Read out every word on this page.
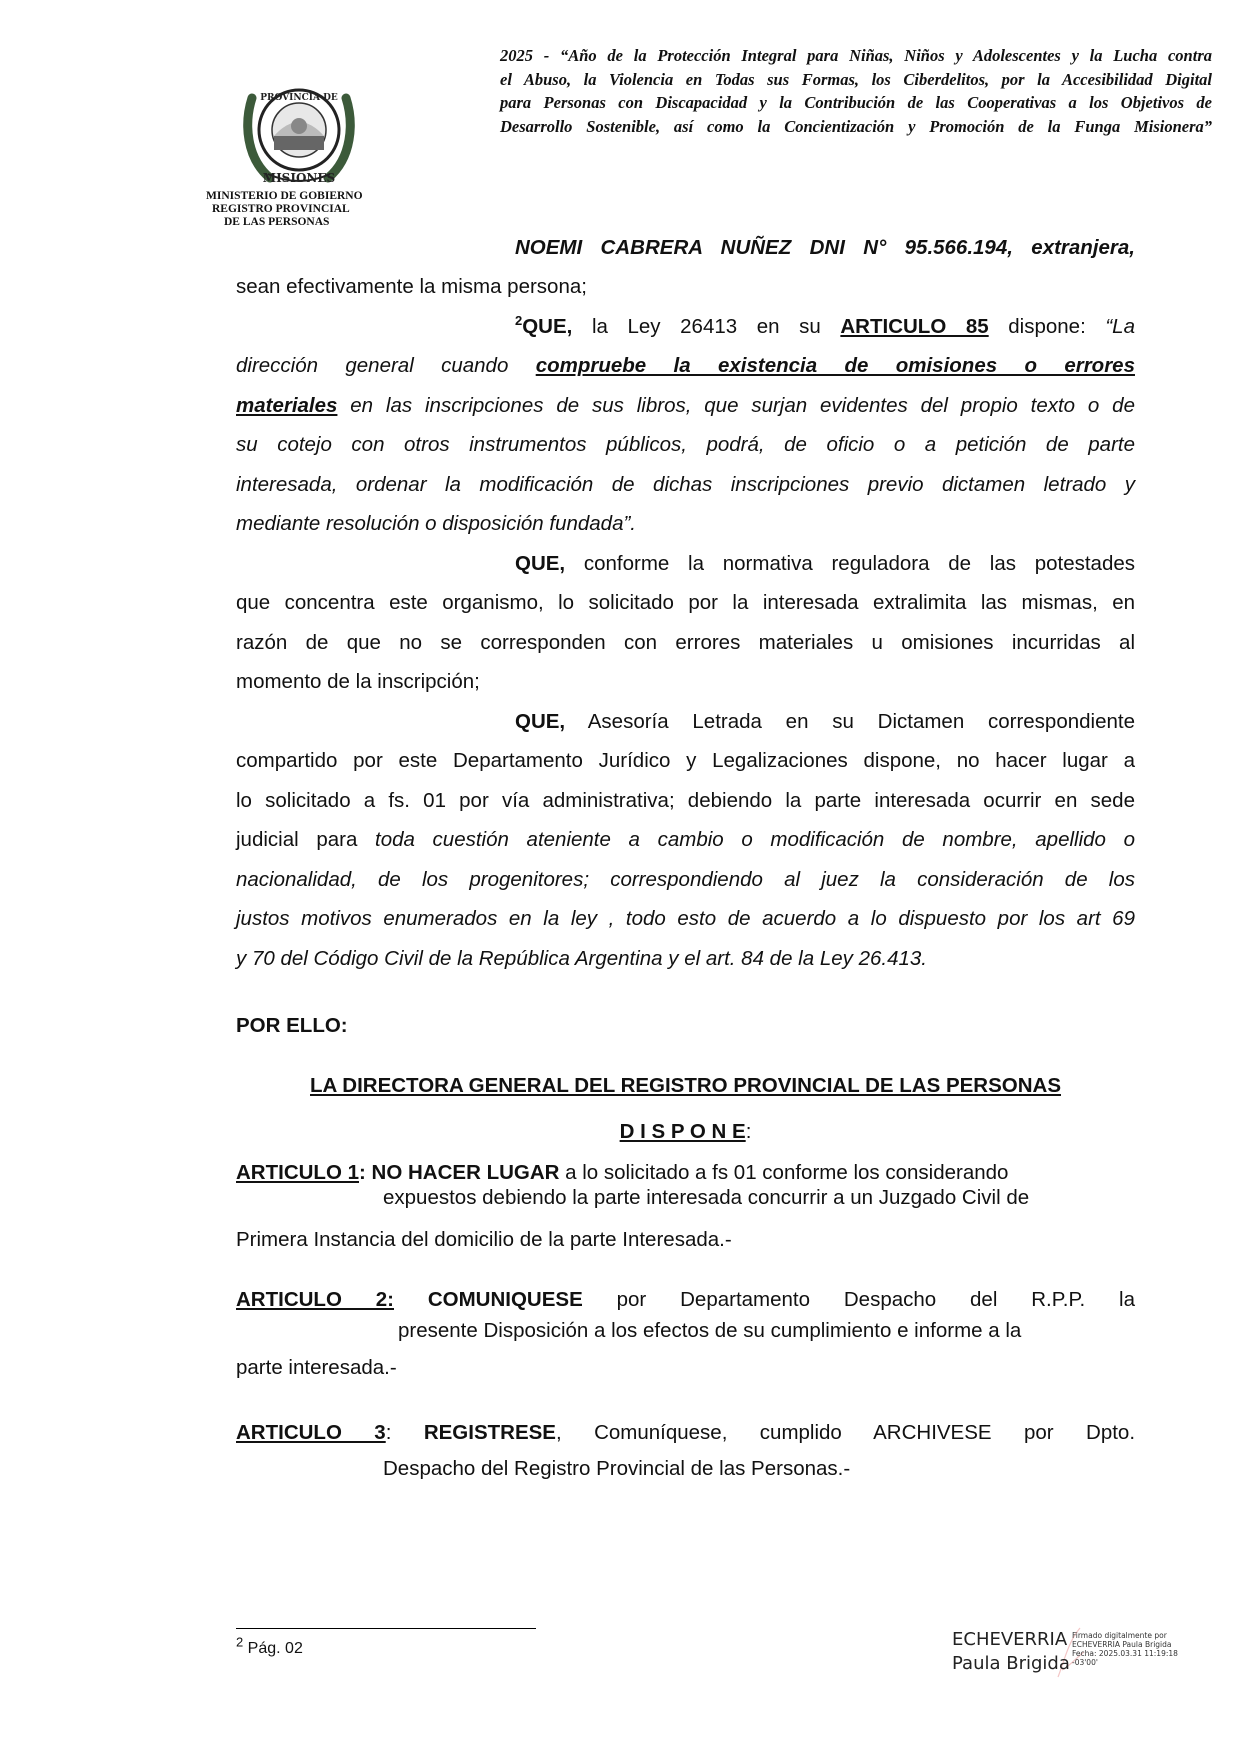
PROVINCIA DE
MISIONES
MINISTERIO DE GOBIERNO
REGISTRO PROVINCIAL
DE LAS PERSONAS
2025 - “Año de la Protección Integral para Niñas, Niños y Adolescentes y la Lucha contra
el Abuso, la Violencia en Todas sus Formas, los Ciberdelitos, por la Accesibilidad Digital
para Personas con Discapacidad y la Contribución de las Cooperativas a los Objetivos de
Desarrollo Sostenible, así como la Concientización y Promoción de la Funga Misionera”
NOEMI CABRERA NUÑEZ DNI N° 95.566.194, extranjera,
sean efectivamente la misma persona;
$^2$QUE, la Ley 26413 en su ARTICULO 85 dispone: “La
dirección general cuando compruebe la existencia de omisiones o errores
materiales en las inscripciones de sus libros, que surjan evidentes del propio texto o de
su cotejo con otros instrumentos públicos, podrá, de oficio o a petición de parte
interesada, ordenar la modificación de dichas inscripciones previo dictamen letrado y
mediante resolución o disposición fundada”.
QUE, conforme la normativa reguladora de las potestades
que concentra este organismo, lo solicitado por la interesada extralimita las mismas, en
razón de que no se corresponden con errores materiales u omisiones incurridas al
momento de la inscripción;
QUE, Asesoría Letrada en su Dictamen correspondiente
compartido por este Departamento Jurídico y Legalizaciones dispone, no hacer lugar a
lo solicitado a fs. 01 por vía administrativa; debiendo la parte interesada ocurrir en sede
judicial para toda cuestión ateniente a cambio o modificación de nombre, apellido o
nacionalidad, de los progenitores; correspondiendo al juez la consideración de los
justos motivos enumerados en la ley , todo esto de acuerdo a lo dispuesto por los art 69
y 70 del Código Civil de la República Argentina y el art. 84 de la Ley 26.413.
POR ELLO:
LA DIRECTORA GENERAL DEL REGISTRO PROVINCIAL DE LAS PERSONAS
D I S P O N E:
ARTICULO 1: NO HACER LUGAR a lo solicitado a fs 01 conforme los considerando
expuestos debiendo la parte interesada concurrir a un Juzgado Civil de
Primera Instancia del domicilio de la parte Interesada.-
ARTICULO 2: COMUNIQUESE por Departamento Despacho del R.P.P. la
presente Disposición a los efectos de su cumplimiento e informe a la
parte interesada.-
ARTICULO 3: REGISTRESE, Comuníquese, cumplido ARCHIVESE por Dpto.
Despacho del Registro Provincial de las Personas.-
$^2$ Pág. 02	ECHEVERRIA
Paula Brigida
Firmado digitalmente por
ECHEVERRIA Paula Brigida
Fecha: 2025.03.31 11:19:18
-03'00'
